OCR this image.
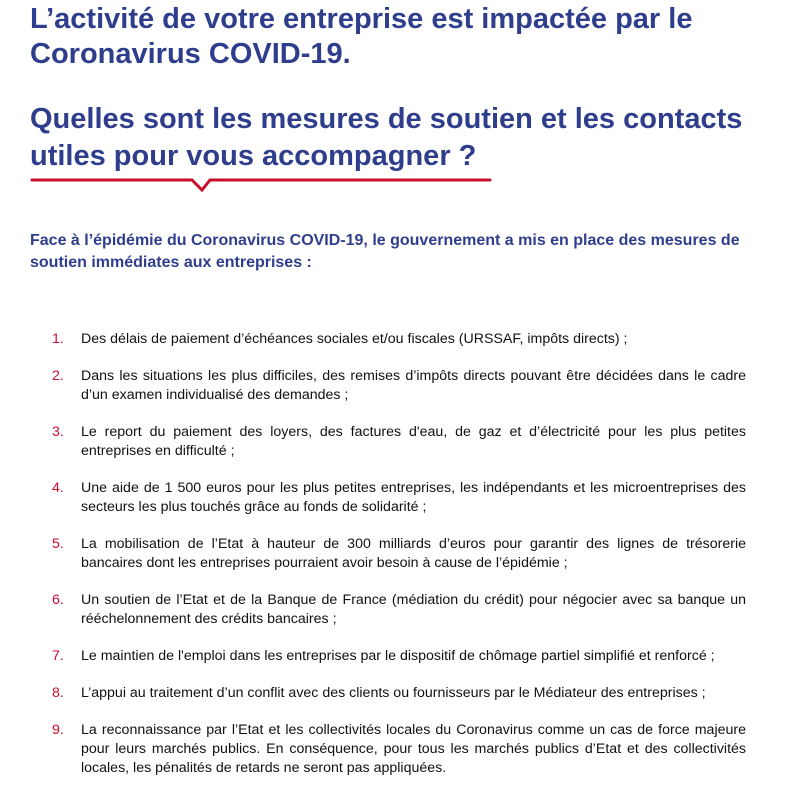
L’activité de votre entreprise est impactée par le Coronavirus COVID-19.
Quelles sont les mesures de soutien et les contacts utiles pour vous accompagner ?

Face à l’épidémie du Coronavirus COVID-19, le gouvernement a mis en place des mesures de soutien immédiates aux entreprises :

1. Des délais de paiement d’échéances sociales et/ou fiscales (URSSAF, impôts directs) ;
2. Dans les situations les plus difficiles, des remises d’impôts directs pouvant être décidées dans le cadre d’un examen individualisé des demandes ;
3. Le report du paiement des loyers, des factures d'eau, de gaz et d’électricité pour les plus petites entreprises en difficulté ;
4. Une aide de 1 500 euros pour les plus petites entreprises, les indépendants et les microentreprises des secteurs les plus touchés grâce au fonds de solidarité ;
5. La mobilisation de l’Etat à hauteur de 300 milliards d’euros pour garantir des lignes de trésorerie bancaires dont les entreprises pourraient avoir besoin à cause de l’épidémie ;
6. Un soutien de l’Etat et de la Banque de France (médiation du crédit) pour négocier avec sa banque un rééchelonnement des crédits bancaires ;
7. Le maintien de l'emploi dans les entreprises par le dispositif de chômage partiel simplifié et renforcé ;
8. L’appui au traitement d’un conflit avec des clients ou fournisseurs par le Médiateur des entreprises ;
9. La reconnaissance par l’Etat et les collectivités locales du Coronavirus comme un cas de force majeure pour leurs marchés publics. En conséquence, pour tous les marchés publics d’Etat et des collectivités locales, les pénalités de retards ne seront pas appliquées.
